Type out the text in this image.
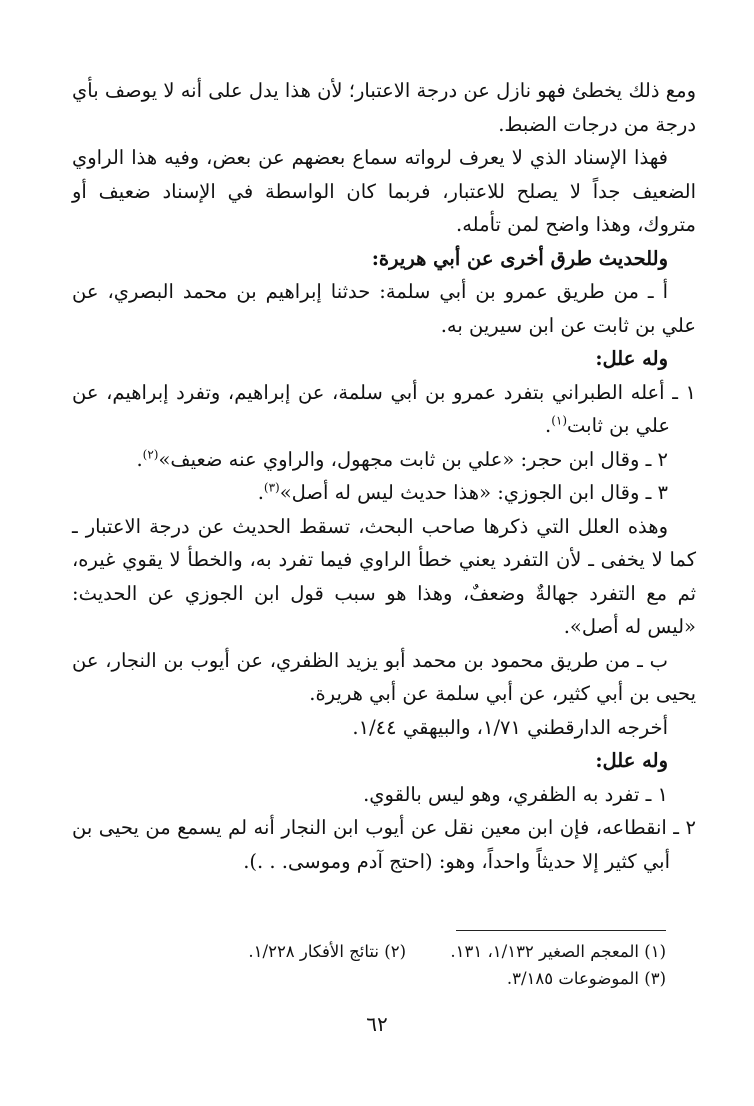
ومع ذلك يخطئ فهو نازل عن درجة الاعتبار؛ لأن هذا يدل على أنه لا يوصف بأي درجة من درجات الضبط.

فهذا الإسناد الذي لا يعرف لرواته سماع بعضهم عن بعض، وفيه هذا الراوي الضعيف جداً لا يصلح للاعتبار، فربما كان الواسطة في الإسناد ضعيف أو متروك، وهذا واضح لمن تأمله.

وللحديث طرق أخرى عن أبي هريرة:

أ ـ من طريق عمرو بن أبي سلمة: حدثنا إبراهيم بن محمد البصري، عن علي بن ثابت عن ابن سيرين به.

وله علل:

١ ـ أعله الطبراني بتفرد عمرو بن أبي سلمة، عن إبراهيم، وتفرد إبراهيم، عن علي بن ثابت$^{(١)}$.

٢ ـ وقال ابن حجر: «علي بن ثابت مجهول، والراوي عنه ضعيف»$^{(٢)}$.

٣ ـ وقال ابن الجوزي: «هذا حديث ليس له أصل»$^{(٣)}$.

وهذه العلل التي ذكرها صاحب البحث، تسقط الحديث عن درجة الاعتبار ـ كما لا يخفى ـ لأن التفرد يعني خطأ الراوي فيما تفرد به، والخطأ لا يقوي غيره، ثم مع التفرد جهالةٌ وضعفٌ، وهذا هو سبب قول ابن الجوزي عن الحديث: «ليس له أصل».

ب ـ من طريق محمود بن محمد أبو يزيد الظفري، عن أيوب بن النجار، عن يحيى بن أبي كثير، عن أبي سلمة عن أبي هريرة.

أخرجه الدارقطني ١/٧١، والبيهقي ١/٤٤.

وله علل:

١ ـ تفرد به الظفري، وهو ليس بالقوي.

٢ ـ انقطاعه، فإن ابن معين نقل عن أيوب ابن النجار أنه لم يسمع من يحيى بن أبي كثير إلا حديثاً واحداً، وهو: (احتج آدم وموسى. . .).

(١) المعجم الصغير ١/١٣٢، ١٣١.
(٢) نتائج الأفكار ١/٢٢٨.
(٣) الموضوعات ٣/١٨٥.
٦٢
